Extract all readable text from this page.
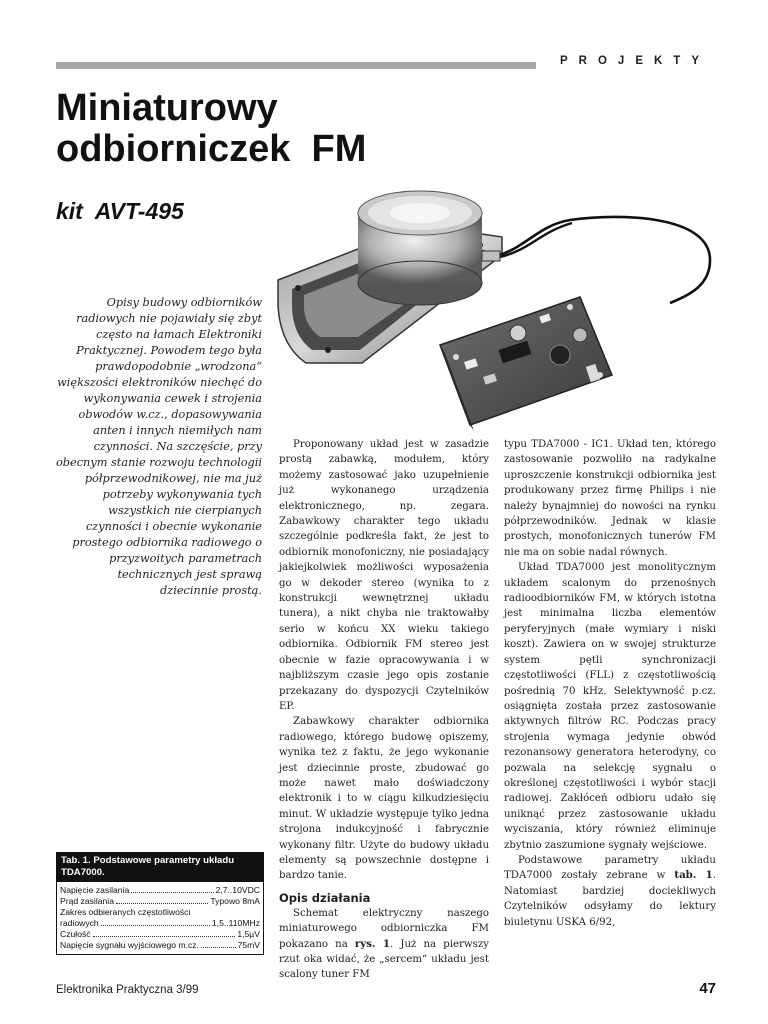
PROJEKTY
Miniaturowy
odbiorniczek  FM
kit  AVT-495
Opisy budowy odbiorników radiowych nie pojawiały się zbyt często na łamach Elektroniki Praktycznej. Powodem tego była prawdopodobnie „wrodzona“ większości elektroników niechęć do wykonywania cewek i strojenia obwodów w.cz., dopasowywania anten i innych niemiłych nam czynności. Na szczęście, przy obecnym stanie rozwoju technologii półprzewodnikowej, nie ma już potrzeby wykonywania tych wszystkich nie cierpianych czynności i obecnie wykonanie prostego odbiornika radiowego o przyzwoitych parametrach technicznych jest sprawą dziecinnie prostą.

Proponowany układ jest w zasadzie prostą zabawką, modułem, który możemy zastosować jako uzupełnienie już wykonanego urządzenia elektronicznego, np. zegara. Zabawkowy charakter tego układu szczególnie podkreśla fakt, że jest to odbiornik monofoniczny, nie posiadający jakiejkolwiek możliwości wyposażenia go w dekoder stereo (wynika to z konstrukcji wewnętrznej układu tunera), a nikt chyba nie traktowałby serio w końcu XX wieku takiego odbiornika. Odbiornik FM stereo jest obecnie w fazie opracowywania i w najbliższym czasie jego opis zostanie przekazany do dyspozycji Czytelników EP.

Zabawkowy charakter odbiornika radiowego, którego budowę opiszemy, wynika też z faktu, że jego wykonanie jest dziecinnie proste, zbudować go może nawet mało doświadczony elektronik i to w ciągu kilkudziesięciu minut. W układzie występuje tylko jedna strojona indukcyjność i fabrycznie wykonany filtr. Użyte do budowy układu elementy są powszechnie dostępne i bardzo tanie.

Opis działania

Schemat elektryczny naszego miniaturowego odbiorniczka FM pokazano na rys. 1. Już na pierwszy rzut oka widać, że „sercem“ układu jest scalony tuner FM

typu TDA7000 - IC1. Układ ten, którego zastosowanie pozwoliło na radykalne uproszczenie konstrukcji odbiornika jest produkowany przez firmę Philips i nie należy bynajmniej do nowości na rynku półprzewodników. Jednak w klasie prostych, monofonicznych tunerów FM nie ma on sobie nadal równych.

Układ TDA7000 jest monolitycznym układem scalonym do przenośnych radioodbiorników FM, w których istotna jest minimalna liczba elementów peryferyjnych (małe wymiary i niski koszt). Zawiera on w swojej strukturze system pętli synchronizacji częstotliwości (FLL) z częstotliwością pośrednią 70 kHz. Selektywność p.cz. osiągnięta została przez zastosowanie aktywnych filtrów RC. Podczas pracy strojenia wymaga jedynie obwód rezonansowy generatora heterodyny, co pozwala na selekcję sygnału o określonej częstotliwości i wybór stacji radiowej. Zakłóceń odbioru udało się uniknąć przez zastosowanie układu wyciszania, który również eliminuje zbytnio zaszumione sygnały wejściowe.

Podstawowe parametry układu TDA7000 zostały zebrane w tab. 1. Natomiast bardziej dociekliwych Czytelników odsyłamy do lektury biuletynu USKA 6/92,

Tab. 1. Podstawowe parametry układu TDA7000.
Napięcie zasilania	2,7..10VDC
Prąd zasilania	Typowo 8mA
Zakres odbieranych częstotliwości
radiowych	1,5..110MHz
Czułość	1,5µV
Napięcie sygnału wyjściowego m.cz.	75mV
Elektronika Praktyczna 3/99	47
